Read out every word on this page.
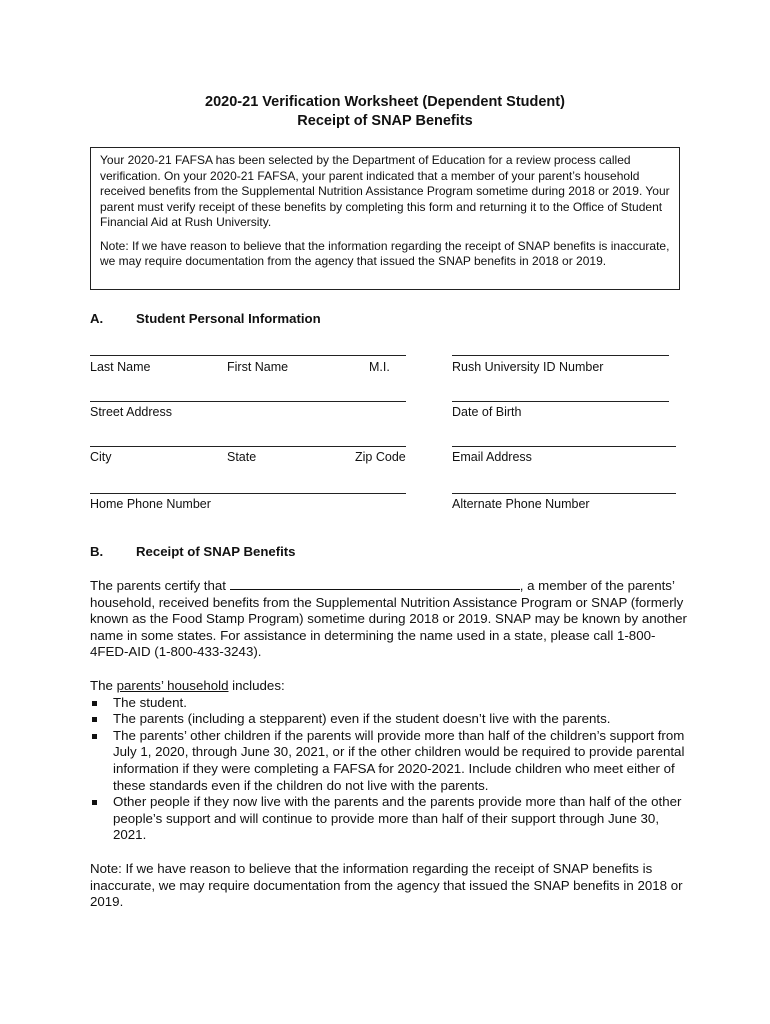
2020-21 Verification Worksheet (Dependent Student)
Receipt of SNAP Benefits

Your 2020-21 FAFSA has been selected by the Department of Education for a review process called verification. On your 2020-21 FAFSA, your parent indicated that a member of your parent’s household received benefits from the Supplemental Nutrition Assistance Program sometime during 2018 or 2019. Your parent must verify receipt of these benefits by completing this form and returning it to the Office of Student Financial Aid at Rush University.

Note: If we have reason to believe that the information regarding the receipt of SNAP benefits is inaccurate, we may require documentation from the agency that issued the SNAP benefits in 2018 or 2019.

A. Student Personal Information
Last Name	First Name	M.I.	Rush University ID Number
Street Address	Date of Birth
City	State	Zip Code	Email Address
Home Phone Number	Alternate Phone Number
B. Receipt of SNAP Benefits

The parents certify that	, a member of the parents’ household, received benefits from the Supplemental Nutrition Assistance Program or SNAP (formerly known as the Food Stamp Program) sometime during 2018 or 2019. SNAP may be known by another name in some states. For assistance in determining the name used in a state, please call 1-800-4FED-AID (1-800-433-3243).

The parents’ household includes:

The student.
The parents (including a stepparent) even if the student doesn’t live with the parents.
The parents’ other children if the parents will provide more than half of the children’s support from July 1, 2020, through June 30, 2021, or if the other children would be required to provide parental information if they were completing a FAFSA for 2020-2021. Include children who meet either of these standards even if the children do not live with the parents.
Other people if they now live with the parents and the parents provide more than half of the other people’s support and will continue to provide more than half of their support through June 30, 2021.

Note: If we have reason to believe that the information regarding the receipt of SNAP benefits is inaccurate, we may require documentation from the agency that issued the SNAP benefits in 2018 or 2019.
